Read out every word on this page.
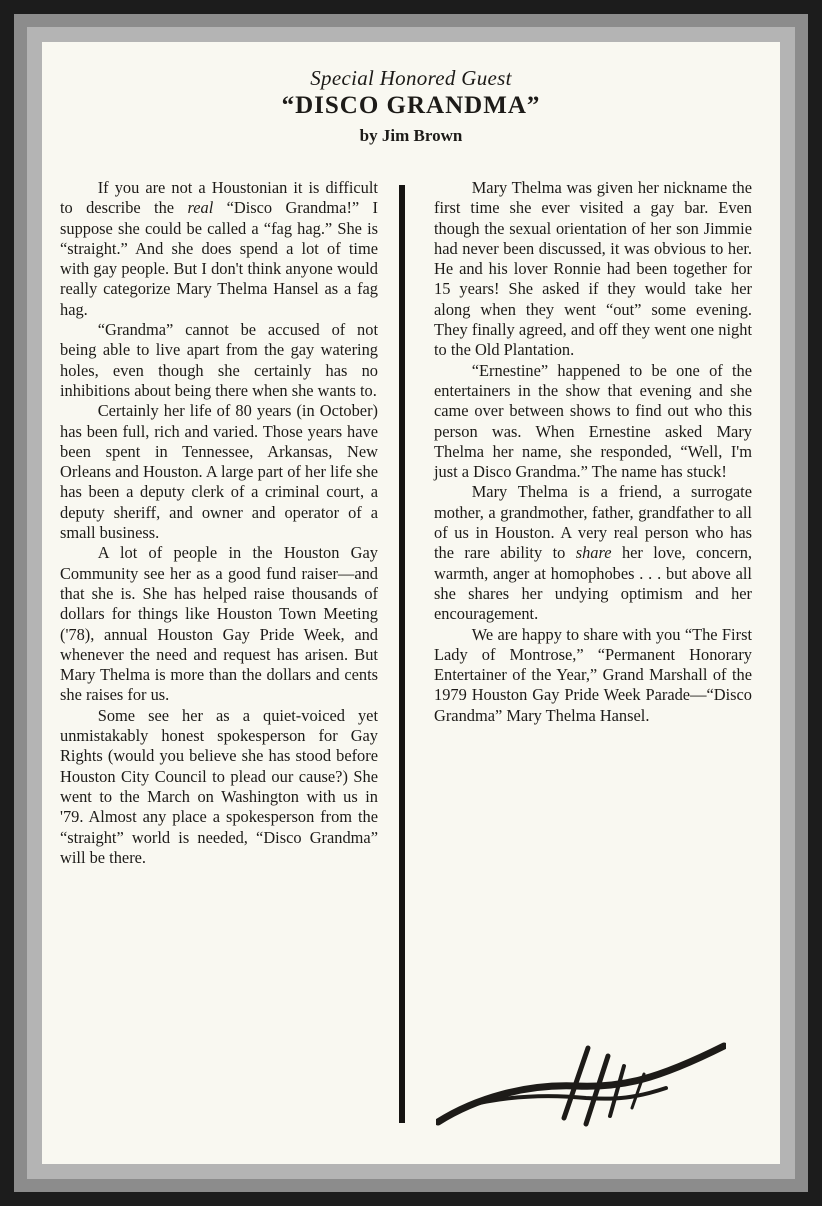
Special Honored Guest
“DISCO GRANDMA”
by Jim Brown

If you are not a Houstonian it is difficult to describe the real “Disco Grandma!” I suppose she could be called a “fag hag.” She is “straight.” And she does spend a lot of time with gay people. But I don't think anyone would really categorize Mary Thelma Hansel as a fag hag.

“Grandma” cannot be accused of not being able to live apart from the gay watering holes, even though she certainly has no inhibitions about being there when she wants to.

Certainly her life of 80 years (in October) has been full, rich and varied. Those years have been spent in Tennessee, Arkansas, New Orleans and Houston. A large part of her life she has been a deputy clerk of a criminal court, a deputy sheriff, and owner and operator of a small business.

A lot of people in the Houston Gay Community see her as a good fund raiser—and that she is. She has helped raise thousands of dollars for things like Houston Town Meeting ('78), annual Houston Gay Pride Week, and whenever the need and request has arisen. But Mary Thelma is more than the dollars and cents she raises for us.

Some see her as a quiet-voiced yet unmistakably honest spokesperson for Gay Rights (would you believe she has stood before Houston City Council to plead our cause?) She went to the March on Washington with us in '79. Almost any place a spokesperson from the “straight” world is needed, “Disco Grandma” will be there.

Mary Thelma was given her nickname the first time she ever visited a gay bar. Even though the sexual orientation of her son Jimmie had never been discussed, it was obvious to her. He and his lover Ronnie had been together for 15 years! She asked if they would take her along when they went “out” some evening. They finally agreed, and off they went one night to the Old Plantation.

“Ernestine” happened to be one of the entertainers in the show that evening and she came over between shows to find out who this person was. When Ernestine asked Mary Thelma her name, she responded, “Well, I'm just a Disco Grandma.” The name has stuck!

Mary Thelma is a friend, a surrogate mother, a grandmother, father, grandfather to all of us in Houston. A very real person who has the rare ability to share her love, concern, warmth, anger at homophobes . . . but above all she shares her undying optimism and her encouragement.

We are happy to share with you “The First Lady of Montrose,” “Permanent Honorary Entertainer of the Year,” Grand Marshall of the 1979 Houston Gay Pride Week Parade—“Disco Grandma” Mary Thelma Hansel.
